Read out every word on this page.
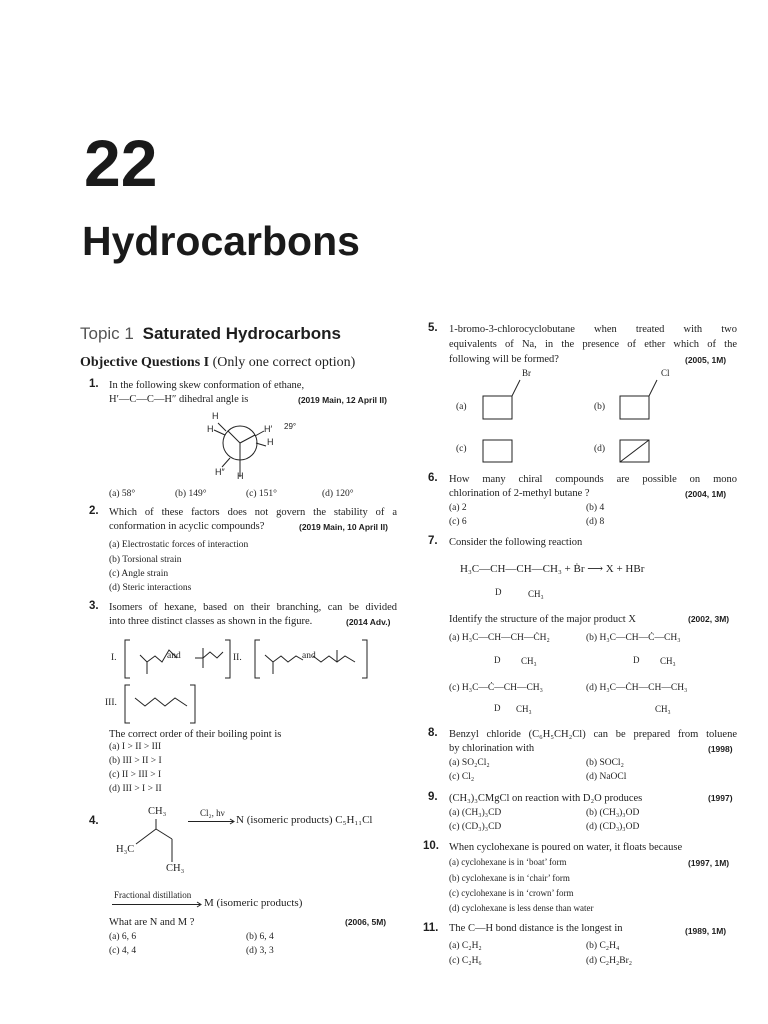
22
Hydrocarbons
Topic 1 Saturated Hydrocarbons
Objective Questions I (Only one correct option)
1. In the following skew conformation of ethane,
H′—C—C—H″ dihedral angle is	(2019 Main, 12 April II)
H
H	H′ 29°
H
H″ H
(a) 58°	(b) 149°	(c) 151°	(d) 120°
2. Which of these factors does not govern the stability of a
conformation in acyclic compounds?	(2019 Main, 10 April II)
(a) Electrostatic forces of interaction
(b) Torsional strain
(c) Angle strain
(d) Steric interactions
3. Isomers of hexane, based on their branching, can be divided
into three distinct classes as shown in the figure.	(2014 Adv.)
I.	and	II.	and
III.
The correct order of their boiling point is
(a) I > II > III
(b) III > II > I
(c) II > III > I
(d) III > I > II
4.
CH₃
H₃C
CH₃
Cl₂, hν
N (isomeric products) C₅H₁₁Cl
Fractional distillation
M (isomeric products)
What are N and M ?	(2006, 5M)
(a) 6, 6	(b) 6, 4
(c) 4, 4	(d) 3, 3
5. 1-bromo-3-chlorocyclobutane when treated with two
equivalents of Na, in the presence of ether which of the
following will be formed?	(2005, 1M)
Br	Cl
(a)	(b)
(c)	(d)
6. How many chiral compounds are possible on mono
chlorination of 2-methyl butane ?	(2004, 1M)
(a) 2	(b) 4
(c) 6	(d) 8
7. Consider the following reaction
H₃C—CH—CH—CH₃ + Ḃr ⟶ X + HBr
D	CH₃
Identify the structure of the major product X	(2002, 3M)
(a) H₃C—CH—CH—ĊH₂
D CH₃
(b) H₃C—CH—Ċ—CH₃
D CH₃
(c) H₃C—Ċ—CH—CH₃
D CH₃
(d) H₃C—ĊH—CH—CH₃
CH₃
8. Benzyl chloride (C₆H₅CH₂Cl) can be prepared from toluene
by chlorination with	(1998)
(a) SO₂Cl₂	(b) SOCl₂
(c) Cl₂	(d) NaOCl
9. (CH₃)₃CMgCl on reaction with D₂O produces	(1997)
(a) (CH₃)₃CD	(b) (CH₃)₃OD
(c) (CD₃)₃CD	(d) (CD₃)₃OD
10. When cyclohexane is poured on water, it floats because
(1997, 1M)
(a) cyclohexane is in ‘boat’ form
(b) cyclohexane is in ‘chair’ form
(c) cyclohexane is in ‘crown’ form
(d) cyclohexane is less dense than water
11. The C—H bond distance is the longest in	(1989, 1M)
(a) C₂H₂	(b) C₂H₄
(c) C₂H₆	(d) C₂H₂Br₂
